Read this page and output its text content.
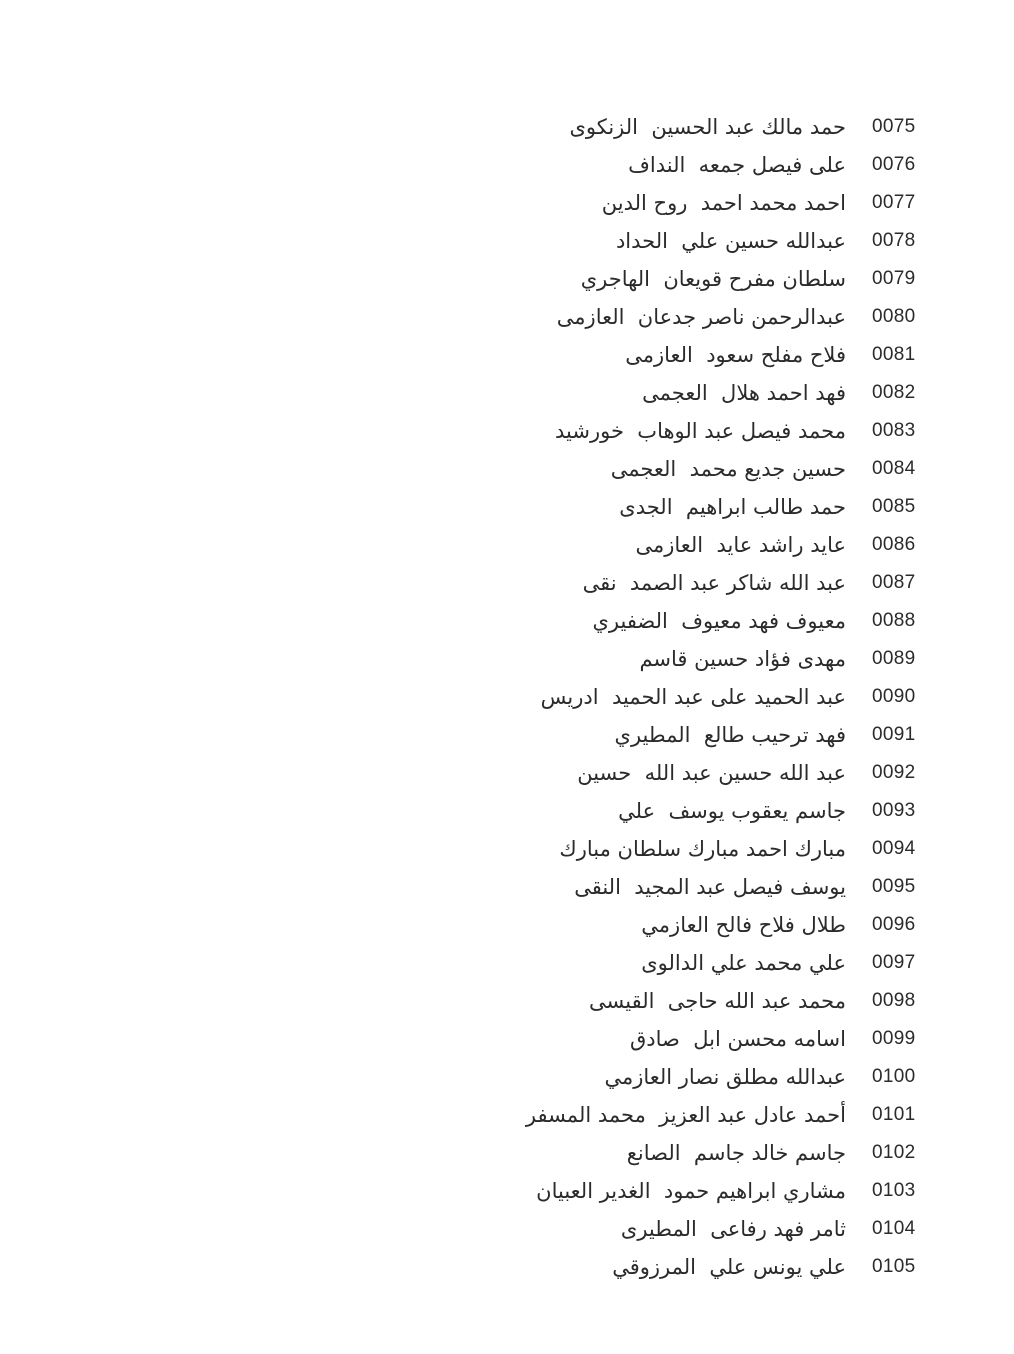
حمد مالك عبد الحسين  الزنكوى 0075
على فيصل جمعه  النداف 0076
احمد محمد احمد  روح الدين 0077
عبدالله حسين علي  الحداد 0078
سلطان مفرح قويعان  الهاجري 0079
عبدالرحمن ناصر جدعان  العازمى 0080
فلاح مفلح سعود  العازمى 0081
فهد احمد هلال  العجمى 0082
محمد فيصل عبد الوهاب  خورشيد 0083
حسين جديع محمد  العجمى 0084
حمد طالب ابراهيم  الجدى 0085
عايد راشد عايد  العازمى 0086
عبد الله شاكر عبد الصمد  نقى 0087
معيوف فهد معيوف  الضفيري 0088
مهدى فؤاد حسين قاسم 0089
عبد الحميد على عبد الحميد  ادريس 0090
فهد ترحيب طالع  المطيري 0091
عبد الله حسين عبد الله  حسين 0092
جاسم يعقوب يوسف  علي 0093
مبارك احمد مبارك سلطان مبارك 0094
يوسف فيصل عبد المجيد  النقى 0095
طلال فلاح فالح العازمي 0096
علي محمد علي الدالوى 0097
محمد عبد الله حاجى  القيسى 0098
اسامه محسن ابل  صادق 0099
عبدالله مطلق نصار العازمي 0100
أحمد عادل عبد العزيز  محمد المسفر 0101
جاسم خالد جاسم  الصانع 0102
مشاري ابراهيم حمود  الغدير العبيان 0103
ثامر فهد رفاعى  المطيرى 0104
علي يونس علي  المرزوقي 0105
